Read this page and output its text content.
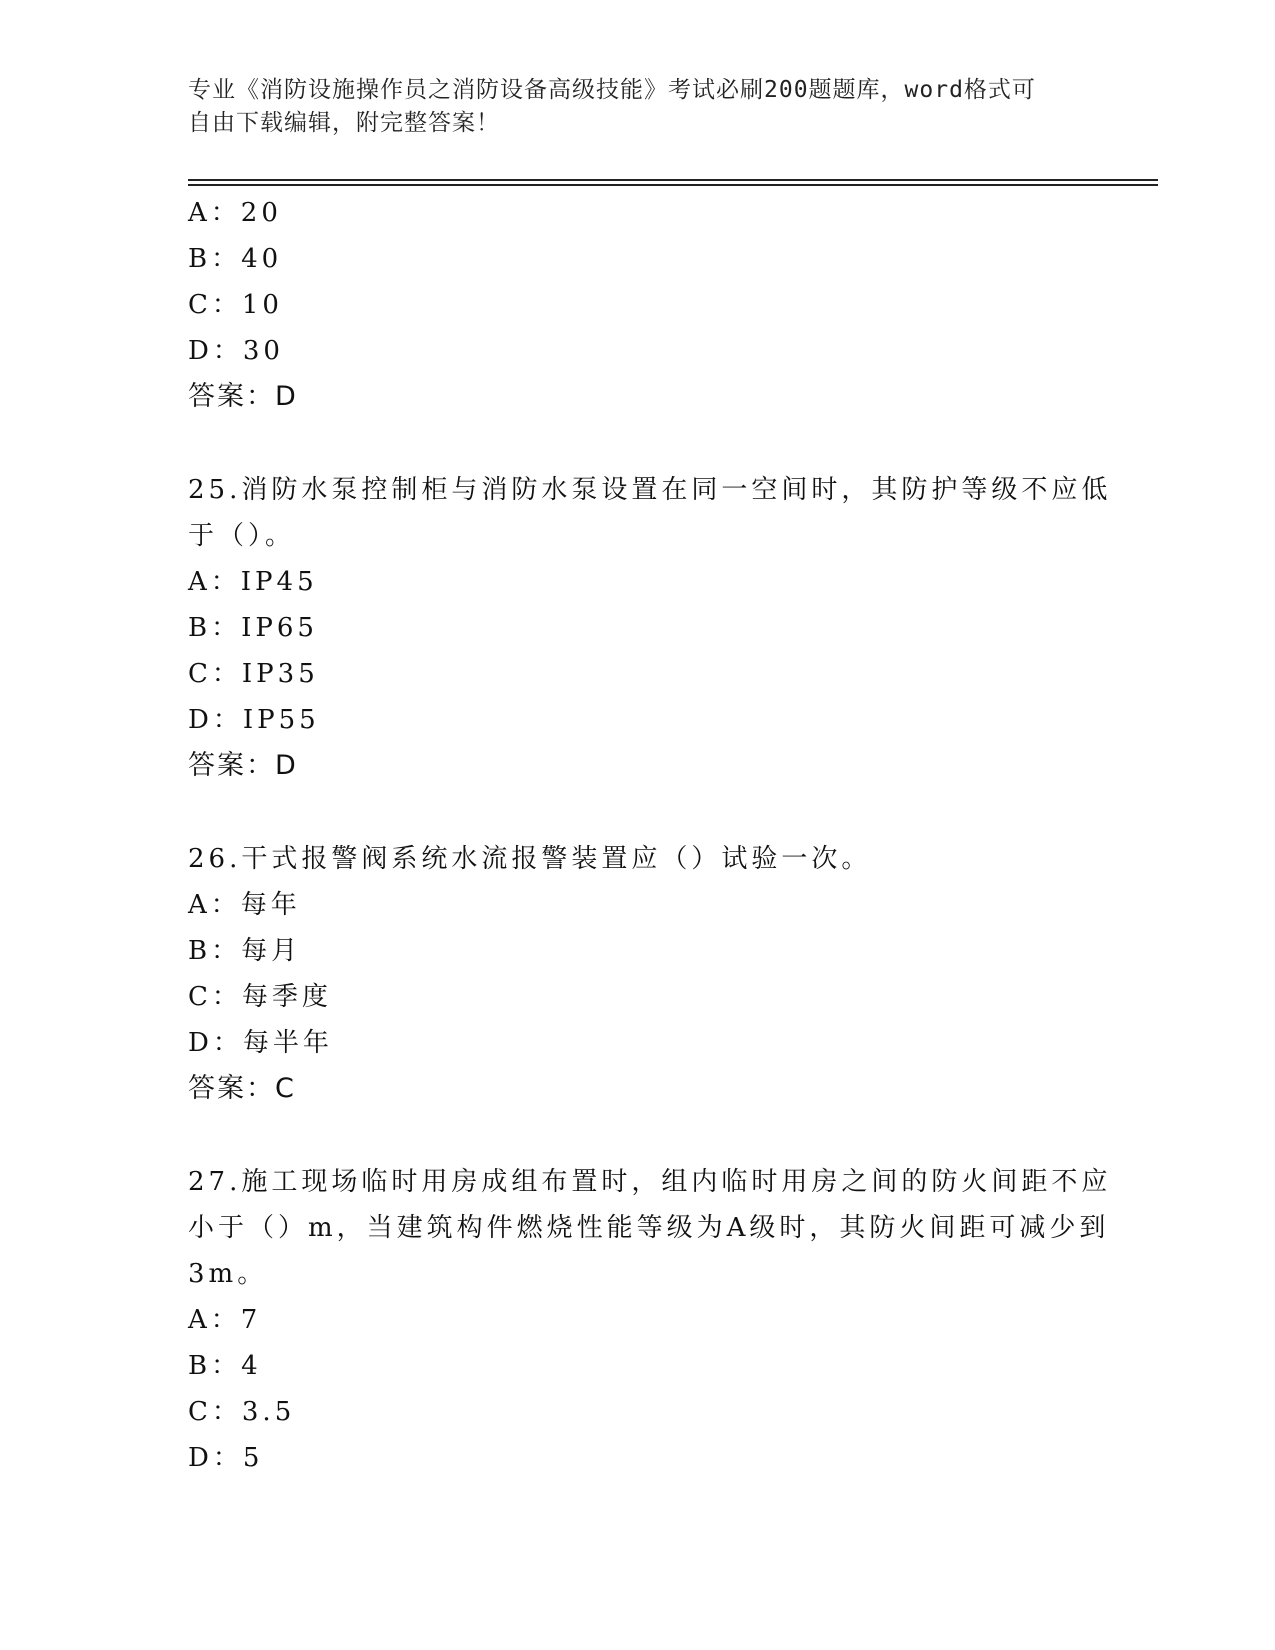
专业《消防设施操作员之消防设备高级技能》考试必刷200题题库，word格式可
自由下载编辑，附完整答案！
A：20
B：40
C：10
D：30
答案：D
25.消防水泵控制柜与消防水泵设置在同一空间时，其防护等级不应低
于（）。
A：IP45
B：IP65
C：IP35
D：IP55
答案：D
26.干式报警阀系统水流报警装置应（）试验一次。
A：每年
B：每月
C：每季度
D：每半年
答案：C
27.施工现场临时用房成组布置时，组内临时用房之间的防火间距不应
小于（）m，当建筑构件燃烧性能等级为A级时，其防火间距可减少到
3m。
A：7
B：4
C：3.5
D：5
